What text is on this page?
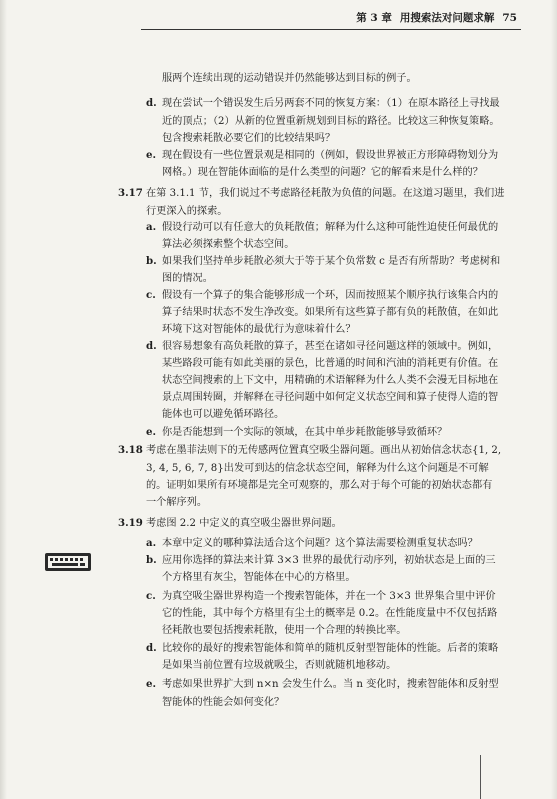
第 3 章 用搜索法对问题求解 75
服两个连续出现的运动错误并仍然能够达到目标的例子。
d. 现在尝试一个错误发生后另两套不同的恢复方案：（1）在原本路径上寻找最
近的顶点；（2）从新的位置重新规划到目标的路径。比较这三种恢复策略。
包含搜索耗散必要它们的比较结果吗？
e. 现在假设有一些位置景观是相同的（例如，假设世界被正方形障碍物划分为
网格。）现在智能体面临的是什么类型的问题？它的解看来是什么样的？
3.17 在第 3.1.1 节，我们说过不考虑路径耗散为负值的问题。在这道习题里，我们进
行更深入的探索。
a. 假设行动可以有任意大的负耗散值；解释为什么这种可能性迫使任何最优的
算法必须探索整个状态空间。
b. 如果我们坚持单步耗散必须大于等于某个负常数 c 是否有所帮助？考虑树和
图的情况。
c. 假设有一个算子的集合能够形成一个环，因而按照某个顺序执行该集合内的
算子结果时状态不发生净改变。如果所有这些算子都有负的耗散值，在如此
环境下这对智能体的最优行为意味着什么？
d. 很容易想象有高负耗散的算子，甚至在诸如寻径问题这样的领域中。例如，
某些路段可能有如此美丽的景色，比普通的时间和汽油的消耗更有价值。在
状态空间搜索的上下文中，用精确的术语解释为什么人类不会漫无目标地在
景点周围转圈，并解释在寻径问题中如何定义状态空间和算子使得人造的智
能体也可以避免循环路径。
e. 你是否能想到一个实际的领域，在其中单步耗散能够导致循环？
3.18 考虑在墨菲法则下的无传感两位置真空吸尘器问题。画出从初始信念状态{1, 2,
3, 4, 5, 6, 7, 8}出发可到达的信念状态空间，解释为什么这个问题是不可解
的。证明如果所有环境都是完全可观察的，那么对于每个可能的初始状态都有
一个解序列。
3.19 考虑图 2.2 中定义的真空吸尘器世界问题。
a. 本章中定义的哪种算法适合这个问题？这个算法需要检测重复状态吗？
b. 应用你选择的算法来计算 3×3 世界的最优行动序列，初始状态是上面的三
个方格里有灰尘，智能体在中心的方格里。
c. 为真空吸尘器世界构造一个搜索智能体，并在一个 3×3 世界集合里中评价
它的性能，其中每个方格里有尘土的概率是 0.2。在性能度量中不仅包括路
径耗散也要包括搜索耗散，使用一个合理的转换比率。
d. 比较你的最好的搜索智能体和简单的随机反射型智能体的性能。后者的策略
是如果当前位置有垃圾就吸尘，否则就随机地移动。
e. 考虑如果世界扩大到 n×n 会发生什么。当 n 变化时，搜索智能体和反射型
智能体的性能会如何变化？
